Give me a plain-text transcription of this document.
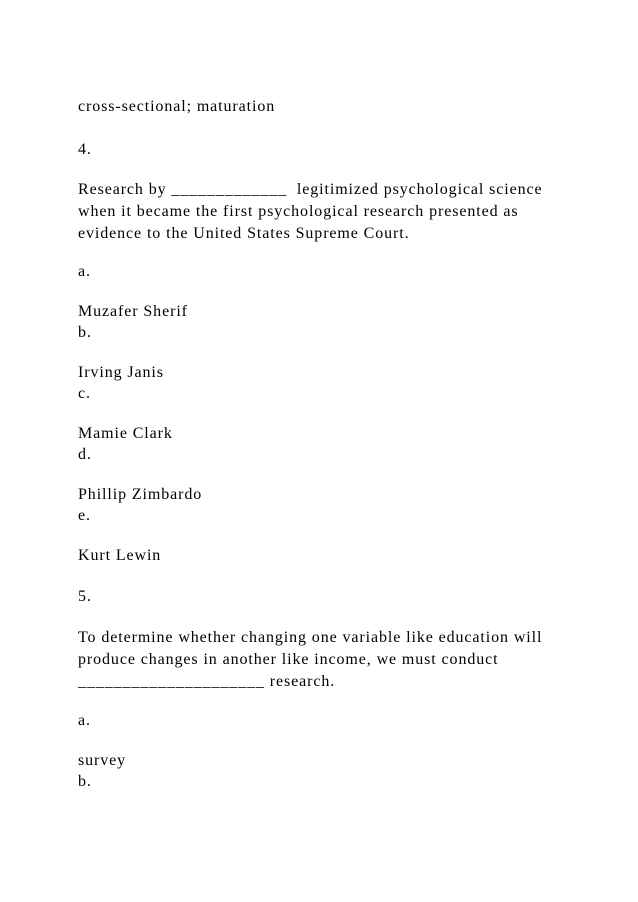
cross-sectional; maturation

4.

Research by _____________  legitimized psychological science

when it became the first psychological research presented as

evidence to the United States Supreme Court.

a.

Muzafer Sherif

b.

Irving Janis

c.

Mamie Clark

d.

Phillip Zimbardo

e.

Kurt Lewin

5.

To determine whether changing one variable like education will

produce changes in another like income, we must conduct

_____________________ research.

a.

survey

b.
